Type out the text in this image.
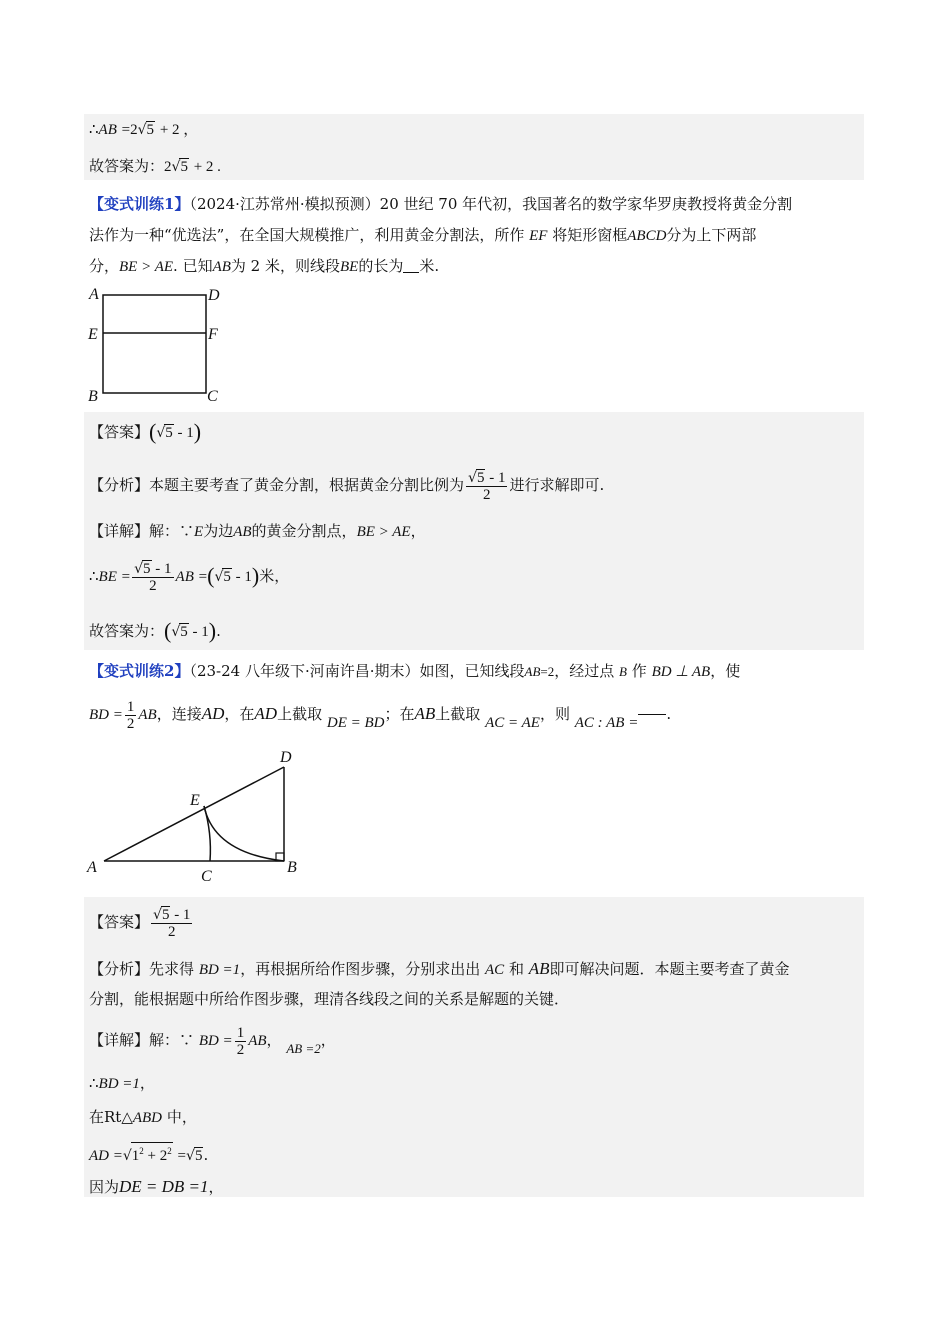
∴AB =2√5 + 2 ，
故答案为：2√5 + 2 .
【变式训练1】（2024·江苏常州·模拟预测）20 世纪 70 年代初，我国著名的数学家华罗庚教授将黄金分割
法作为一种“优选法”，在全国大规模推广，利用黄金分割法，所作 EF 将矩形窗框ABCD分为上下两部
分，BE > AE. 已知AB为 2 米，则线段BE的长为 米.
A	D
E	F
B	C
【答案】(√5 - 1)
【分析】本题主要考查了黄金分割，根据黄金分割比例为 $\frac{√5 - 1}{2}$ 进行求解即可.
【详解】解：∵E为边AB的黄金分割点，BE > AE，
∴BE = $\frac{√5 - 1}{2}$ AB =(√5 - 1)米，
故答案为：(√5 - 1).
【变式训练2】（23-24 八年级下·河南许昌·期末）如图，已知线段AB=2，经过点 B 作 BD ⊥ AB，使
BD = $\frac{1}{2}$ AB，连接AD，在AD上截取 DE = BD；在AB上截取 AC = AE，则 AC : AB = .
A	B
C
D
E
【答案】 $\frac{√5 - 1}{2}$
【分析】先求得 BD =1，再根据所给作图步骤，分别求出出 AC 和 AB即可解决问题．本题主要考查了黄金
分割，能根据题中所给作图步骤，理清各线段之间的关系是解题的关键．
【详解】解：∵ BD = $\frac{1}{2}$ AB， AB =2，
∴BD =1，
在Rt△ABD 中，
AD $=√1^2 + 2^2 =√5$.
因为DE = DB =1，
